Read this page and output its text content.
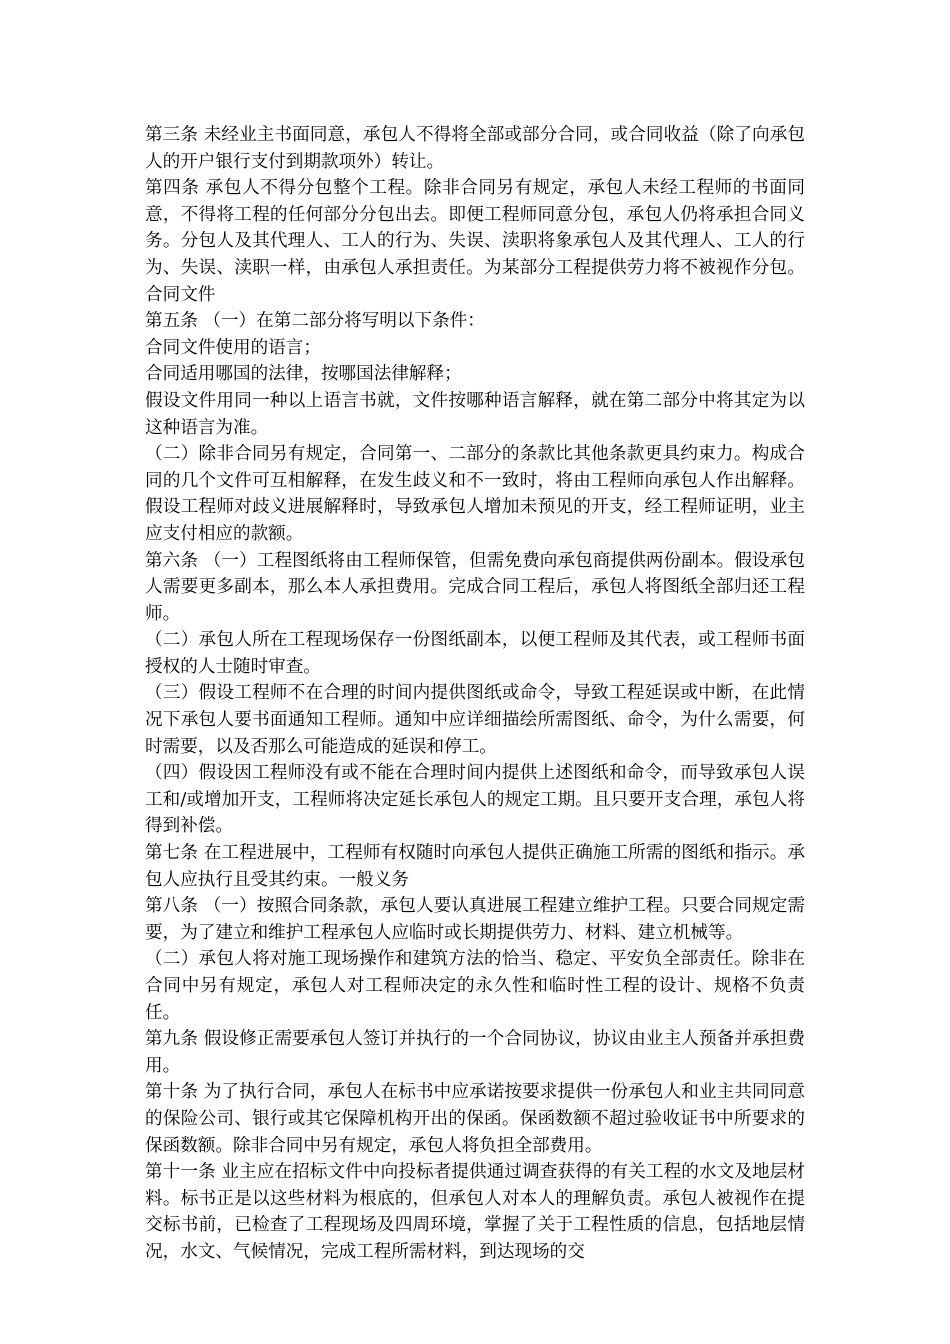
第三条 未经业主书面同意，承包人不得将全部或部分合同，或合同收益（除了向承包人的开户银行支付到期款项外）转让。

第四条 承包人不得分包整个工程。除非合同另有规定，承包人未经工程师的书面同意，不得将工程的任何部分分包出去。即便工程师同意分包，承包人仍将承担合同义务。分包人及其代理人、工人的行为、失误、渎职将象承包人及其代理人、工人的行为、失误、渎职一样，由承包人承担责任。为某部分工程提供劳力将不被视作分包。 合同文件

第五条 （一）在第二部分将写明以下条件：

合同文件使用的语言；

合同适用哪国的法律，按哪国法律解释；

假设文件用同一种以上语言书就，文件按哪种语言解释，就在第二部分中将其定为以这种语言为准。

（二）除非合同另有规定，合同第一、二部分的条款比其他条款更具约束力。构成合同的几个文件可互相解释，在发生歧义和不一致时，将由工程师向承包人作出解释。假设工程师对歧义进展解释时，导致承包人增加未预见的开支，经工程师证明，业主应支付相应的款额。

第六条 （一）工程图纸将由工程师保管，但需免费向承包商提供两份副本。假设承包人需要更多副本，那么本人承担费用。完成合同工程后，承包人将图纸全部归还工程师。

（二）承包人所在工程现场保存一份图纸副本，以便工程师及其代表，或工程师书面授权的人士随时审查。

（三）假设工程师不在合理的时间内提供图纸或命令，导致工程延误或中断，在此情况下承包人要书面通知工程师。通知中应详细描绘所需图纸、命令，为什么需要，何时需要，以及否那么可能造成的延误和停工。

（四）假设因工程师没有或不能在合理时间内提供上述图纸和命令，而导致承包人误工和/或增加开支，工程师将决定延长承包人的规定工期。且只要开支合理，承包人将得到补偿。

第七条 在工程进展中，工程师有权随时向承包人提供正确施工所需的图纸和指示。承包人应执行且受其约束。一般义务

第八条 （一）按照合同条款，承包人要认真进展工程建立维护工程。只要合同规定需要，为了建立和维护工程承包人应临时或长期提供劳力、材料、建立机械等。

（二）承包人将对施工现场操作和建筑方法的恰当、稳定、平安负全部责任。除非在合同中另有规定，承包人对工程师决定的永久性和临时性工程的设计、规格不负责任。

第九条 假设修正需要承包人签订并执行的一个合同协议，协议由业主人预备并承担费用。

第十条 为了执行合同，承包人在标书中应承诺按要求提供一份承包人和业主共同同意的保险公司、银行或其它保障机构开出的保函。保函数额不超过验收证书中所要求的保函数额。除非合同中另有规定，承包人将负担全部费用。

第十一条 业主应在招标文件中向投标者提供通过调查获得的有关工程的水文及地层材料。标书正是以这些材料为根底的，但承包人对本人的理解负责。承包人被视作在提交标书前，已检查了工程现场及四周环境，掌握了关于工程性质的信息，包括地层情况，水文、气候情况，完成工程所需材料，到达现场的交
